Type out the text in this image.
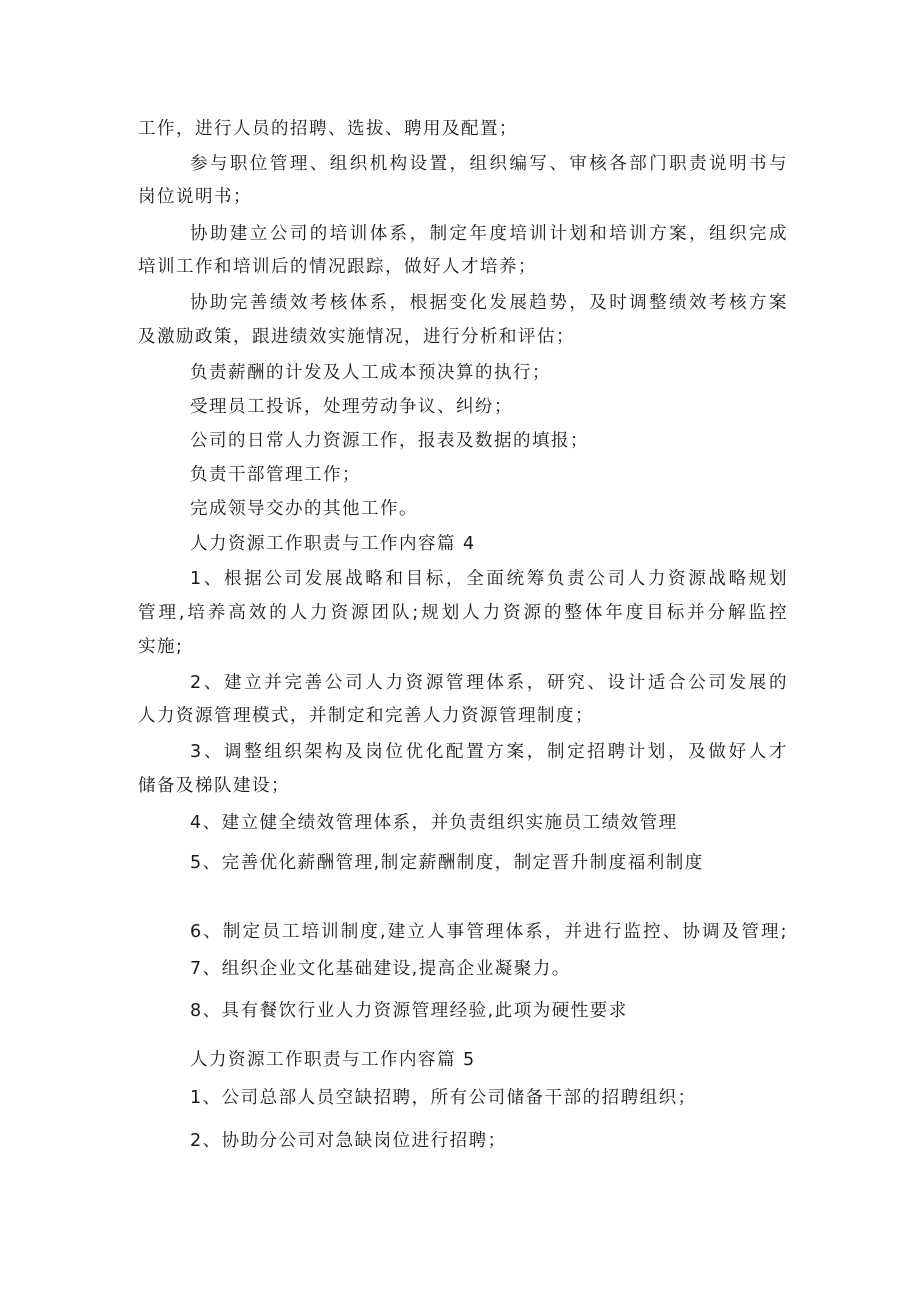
工作，进行人员的招聘、选拔、聘用及配置；
参与职位管理、组织机构设置，组织编写、审核各部门职责说明书与
岗位说明书；
协助建立公司的培训体系，制定年度培训计划和培训方案，组织完成
培训工作和培训后的情况跟踪，做好人才培养；
协助完善绩效考核体系，根据变化发展趋势，及时调整绩效考核方案
及激励政策，跟进绩效实施情况，进行分析和评估；
负责薪酬的计发及人工成本预决算的执行；
受理员工投诉，处理劳动争议、纠纷；
公司的日常人力资源工作，报表及数据的填报；
负责干部管理工作；
完成领导交办的其他工作。
人力资源工作职责与工作内容篇 4
1、根据公司发展战略和目标，全面统筹负责公司人力资源战略规划
管理,培养高效的人力资源团队;规划人力资源的整体年度目标并分解监控
实施;
2、建立并完善公司人力资源管理体系，研究、设计适合公司发展的
人力资源管理模式，并制定和完善人力资源管理制度；
3、调整组织架构及岗位优化配置方案，制定招聘计划，及做好人才
储备及梯队建设；
4、建立健全绩效管理体系，并负责组织实施员工绩效管理
5、完善优化薪酬管理,制定薪酬制度，制定晋升制度福利制度
6、制定员工培训制度,建立人事管理体系，并进行监控、协调及管理;
7、组织企业文化基础建设,提高企业凝聚力。
8、具有餐饮行业人力资源管理经验,此项为硬性要求
人力资源工作职责与工作内容篇 5
1、公司总部人员空缺招聘，所有公司储备干部的招聘组织；
2、协助分公司对急缺岗位进行招聘；
